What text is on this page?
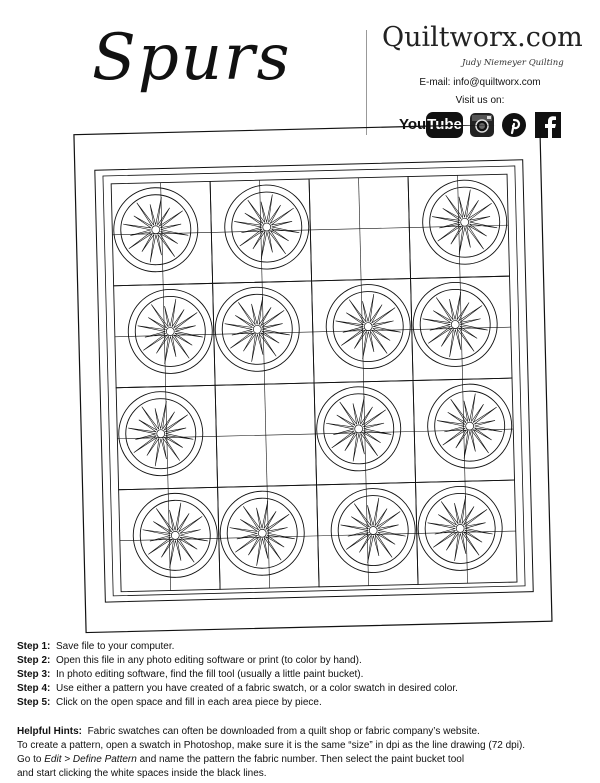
Spurs	Quiltworx.com
Judy Niemeyer Quilting
E-mail: info@quiltworx.com
Visit us on:
You Tube
Step 1: Save file to your computer.
Step 2: Open this file in any photo editing software or print (to color by hand).
Step 3: In photo editing software, find the fill tool (usually a little paint bucket).
Step 4: Use either a pattern you have created of a fabric swatch, or a color swatch in desired color.
Step 5: Click on the open space and fill in each area piece by piece.
Helpful Hints: Fabric swatches can often be downloaded from a quilt shop or fabric company’s website.
To create a pattern, open a swatch in Photoshop, make sure it is the same “size” in dpi as the line drawing (72 dpi).
Go to Edit > Define Pattern and name the pattern the fabric number. Then select the paint bucket tool
and start clicking the white spaces inside the black lines.
